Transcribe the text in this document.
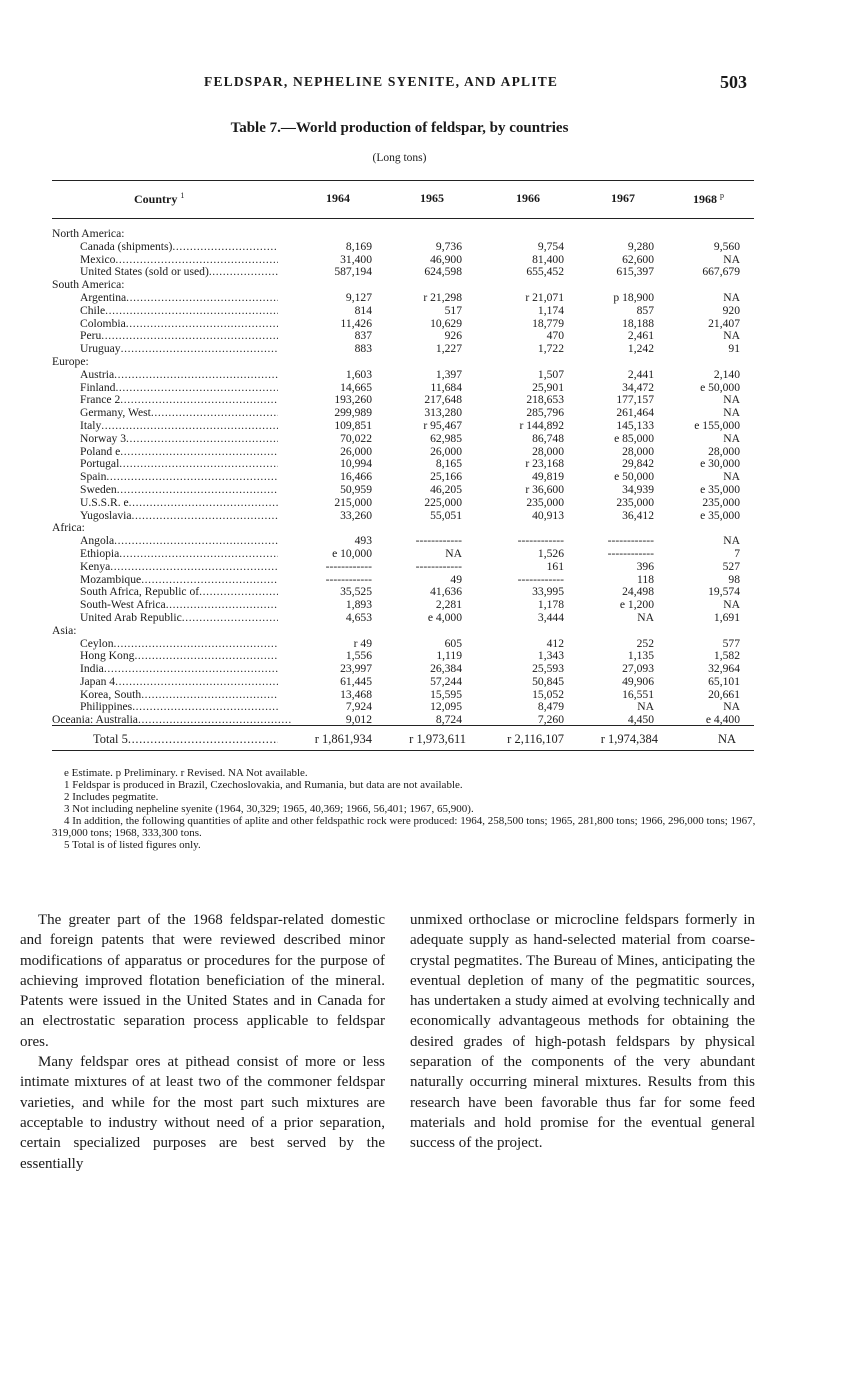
FELDSPAR, NEPHELINE SYENITE, AND APLITE	503
Table 7.—World production of feldspar, by countries
(Long tons)
Country $^1$	1964	1965	1966	1967	1968 $^p$
North America:
Canada (shipments) .....	8,169	9,736	9,754	9,280	9,560
Mexico .....	31,400	46,900	81,400	62,600	NA
United States (sold or used) .....	587,194	624,598	655,452	615,397	667,679
South America:
Argentina .....	9,127	r 21,298	r 21,071	p 18,900	NA
Chile .....	814	517	1,174	857	920
Colombia .....	11,426	10,629	18,779	18,188	21,407
Peru .....	837	926	470	2,461	NA
Uruguay .....	883	1,227	1,722	1,242	91
Europe:
Austria .....	1,603	1,397	1,507	2,441	2,140
Finland .....	14,665	11,684	25,901	34,472	e 50,000
France 2 .....	193,260	217,648	218,653	177,157	NA
Germany, West .....	299,989	313,280	285,796	261,464	NA
Italy .....	109,851	r 95,467	r 144,892	145,133	e 155,000
Norway 3 .....	70,022	62,985	86,748	e 85,000	NA
Poland e .....	26,000	26,000	28,000	28,000	28,000
Portugal .....	10,994	8,165	r 23,168	29,842	e 30,000
Spain .....	16,466	25,166	49,819	e 50,000	NA
Sweden .....	50,959	46,205	r 36,600	34,939	e 35,000
U.S.S.R. e .....	215,000	225,000	235,000	235,000	235,000
Yugoslavia .....	33,260	55,051	40,913	36,412	e 35,000
Africa:
Angola .....	493	------------	------------	------------	NA
Ethiopia .....	e 10,000	NA	1,526	------------	7
Kenya .....	------------	------------	161	396	527
Mozambique .....	------------	49	------------	118	98
South Africa, Republic of .....	35,525	41,636	33,995	24,498	19,574
South-West Africa .....	1,893	2,281	1,178	e 1,200	NA
United Arab Republic .....	4,653	e 4,000	3,444	NA	1,691
Asia:
Ceylon .....	r 49	605	412	252	577
Hong Kong .....	1,556	1,119	1,343	1,135	1,582
India .....	23,997	26,384	25,593	27,093	32,964
Japan 4 .....	61,445	57,244	50,845	49,906	65,101
Korea, South .....	13,468	15,595	15,052	16,551	20,661
Philippines .....	7,924	12,095	8,479	NA	NA
Oceania: Australia .....	9,012	8,724	7,260	4,450	e 4,400
Total 5 .....	r 1,861,934	r 1,973,611	r 2,116,107	r 1,974,384	NA

e Estimate. p Preliminary. r Revised. NA Not available.

1 Feldspar is produced in Brazil, Czechoslovakia, and Rumania, but data are not available.

2 Includes pegmatite.

3 Not including nepheline syenite (1964, 30,329; 1965, 40,369; 1966, 56,401; 1967, 65,900).

4 In addition, the following quantities of aplite and other feldspathic rock were produced: 1964, 258,500 tons; 1965, 281,800 tons; 1966, 296,000 tons; 1967, 319,000 tons; 1968, 333,300 tons.

5 Total is of listed figures only.

The greater part of the 1968 feldspar-related domestic and foreign patents that were reviewed described minor modifications of apparatus or procedures for the purpose of achieving improved flotation beneficiation of the mineral. Patents were issued in the United States and in Canada for an electrostatic separation process applicable to feldspar ores.

Many feldspar ores at pithead consist of more or less intimate mixtures of at least two of the commoner feldspar varieties, and while for the most part such mixtures are acceptable to industry without need of a prior separation, certain specialized purposes are best served by the essentially

unmixed orthoclase or microcline feldspars formerly in adequate supply as hand-selected material from coarse-crystal pegmatites. The Bureau of Mines, anticipating the eventual depletion of many of the pegmatitic sources, has undertaken a study aimed at evolving technically and economically advantageous methods for obtaining the desired grades of high-potash feldspars by physical separation of the components of the very abundant naturally occurring mineral mixtures. Results from this research have been favorable thus far for some feed materials and hold promise for the eventual general success of the project.
